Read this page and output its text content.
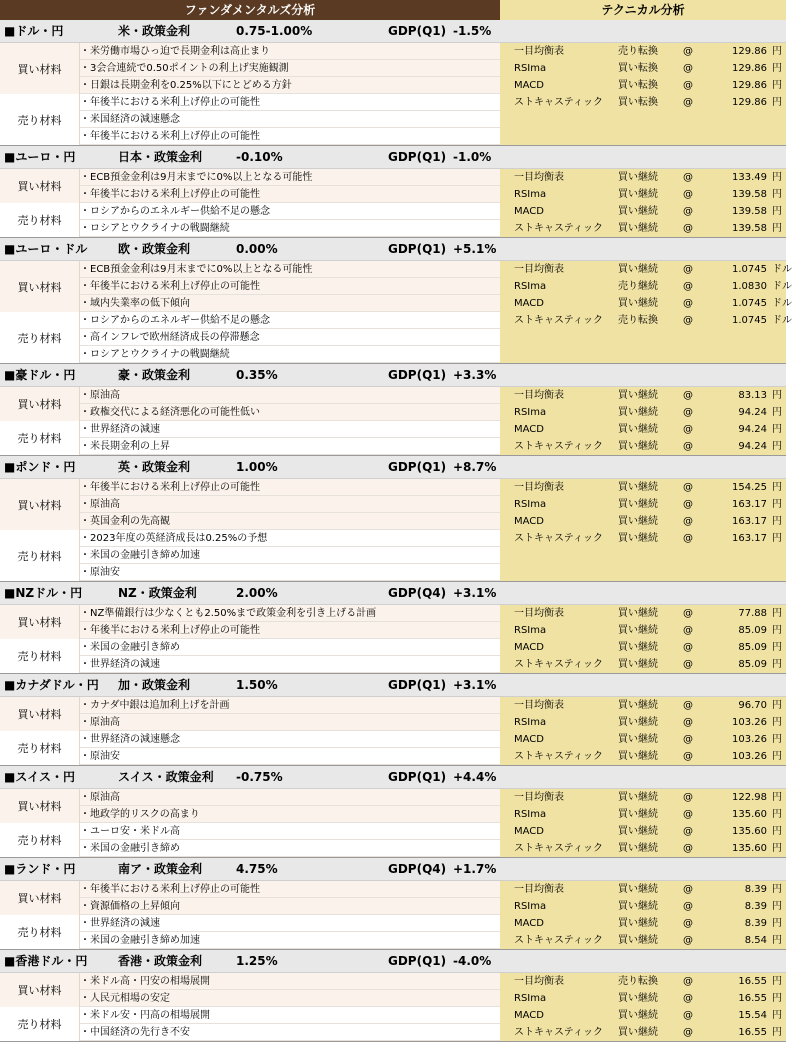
ファンダメンタルズ分析	テクニカル分析
■ドル・円	米・政策金利	0.75-1.00%	GDP(Q1) -1.5%
買い材料
・米労働市場ひっ迫で長期金利は高止まり
・3会合連続で0.50ポイントの利上げ実施観測
・日銀は長期金利を0.25%以下にとどめる方針
売り材料
・年後半における米利上げ停止の可能性
・米国経済の減速懸念
・年後半における米利上げ停止の可能性
一目均衡表	売り転換	@	129.86 円
RSIma	買い転換	@	129.86 円
MACD	買い転換	@	129.86 円
ストキャスティック 買い転換	@	129.86 円
■ユーロ・円	日本・政策金利	-0.10%	GDP(Q1) -1.0%
買い材料
・ECB預金金利は9月末までに0%以上となる可能性
・年後半における米利上げ停止の可能性
売り材料
・ロシアからのエネルギー供給不足の懸念
・ロシアとウクライナの戦闘継続
一目均衡表	買い継続	@	133.49 円
RSIma	買い継続	@	139.58 円
MACD	買い継続	@	139.58 円
ストキャスティック 買い継続	@	139.58 円
■ユーロ・ドル	欧・政策金利	0.00%	GDP(Q1) +5.1%
買い材料
・ECB預金金利は9月末までに0%以上となる可能性
・年後半における米利上げ停止の可能性
・域内失業率の低下傾向
売り材料
・ロシアからのエネルギー供給不足の懸念
・高インフレで欧州経済成長の停滞懸念
・ロシアとウクライナの戦闘継続
一目均衡表	買い継続	@	1.0745 ドル
RSIma	売り継続	@	1.0830 ドル
MACD	買い継続	@	1.0745 ドル
ストキャスティック 売り転換	@	1.0745 ドル
■豪ドル・円	豪・政策金利	0.35%	GDP(Q1) +3.3%
買い材料
・原油高
・政権交代による経済悪化の可能性低い
売り材料
・世界経済の減速
・米長期金利の上昇
一目均衡表	買い継続	@	83.13 円
RSIma	買い継続	@	94.24 円
MACD	買い継続	@	94.24 円
ストキャスティック 買い継続	@	94.24 円
■ポンド・円	英・政策金利	1.00%	GDP(Q1) +8.7%
買い材料
・年後半における米利上げ停止の可能性
・原油高
・英国金利の先高観
売り材料
・2023年度の英経済成長は0.25%の予想
・米国の金融引き締め加速
・原油安
一目均衡表	買い継続	@	154.25 円
RSIma	買い継続	@	163.17 円
MACD	買い継続	@	163.17 円
ストキャスティック 買い継続	@	163.17 円
■NZドル・円	NZ・政策金利	2.00%	GDP(Q4) +3.1%
買い材料
・NZ準備銀行は少なくとも2.50%まで政策金利を引き上げる計画
・年後半における米利上げ停止の可能性
売り材料
・米国の金融引き締め
・世界経済の減速
一目均衡表	買い継続	@	77.88 円
RSIma	買い継続	@	85.09 円
MACD	買い継続	@	85.09 円
ストキャスティック 買い継続	@	85.09 円
■カナダドル・円 加・政策金利	1.50%	GDP(Q1) +3.1%
買い材料
・カナダ中銀は追加利上げを計画
・原油高
売り材料
・世界経済の減速懸念
・原油安
一目均衡表	買い継続	@	96.70 円
RSIma	買い継続	@	103.26 円
MACD	買い継続	@	103.26 円
ストキャスティック 買い継続	@	103.26 円
■スイス・円	スイス・政策金利 -0.75%	GDP(Q1) +4.4%
買い材料
・原油高
・地政学的リスクの高まり
売り材料
・ユーロ安・米ドル高
・米国の金融引き締め
一目均衡表	買い継続	@	122.98 円
RSIma	買い継続	@	135.60 円
MACD	買い継続	@	135.60 円
ストキャスティック 買い継続	@	135.60 円
■ランド・円	南ア・政策金利	4.75%	GDP(Q4) +1.7%
買い材料
・年後半における米利上げ停止の可能性
・資源価格の上昇傾向
売り材料
・世界経済の減速
・米国の金融引き締め加速
一目均衡表	買い継続	@	8.39 円
RSIma	買い継続	@	8.39 円
MACD	買い継続	@	8.39 円
ストキャスティック 買い継続	@	8.54 円
■香港ドル・円	香港・政策金利	1.25%	GDP(Q1) -4.0%
買い材料
・米ドル高・円安の相場展開
・人民元相場の安定
売り材料
・米ドル安・円高の相場展開
・中国経済の先行き不安
一目均衡表	売り転換	@	16.55 円
RSIma	買い継続	@	16.55 円
MACD	買い継続	@	15.54 円
ストキャスティック 買い継続	@	16.55 円
